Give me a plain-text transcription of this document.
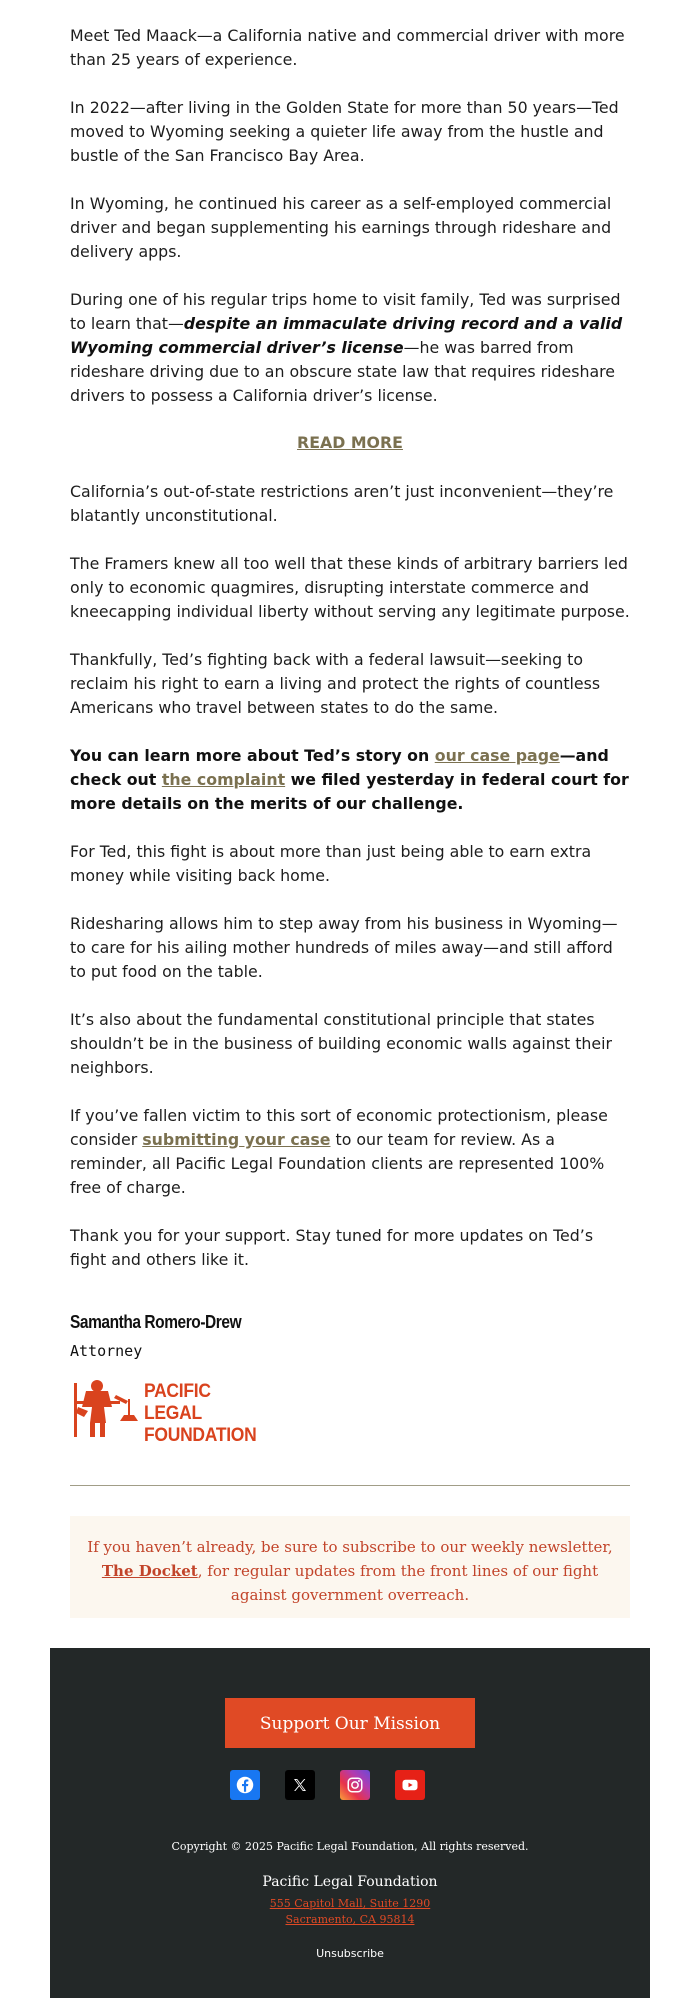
Meet Ted Maack—a California native and commercial driver with more than 25 years of experience.

In 2022—after living in the Golden State for more than 50 years—Ted moved to Wyoming seeking a quieter life away from the hustle and bustle of the San Francisco Bay Area.

In Wyoming, he continued his career as a self-employed commercial driver and began supplementing his earnings through rideshare and delivery apps.

During one of his regular trips home to visit family, Ted was surprised to learn that—despite an immaculate driving record and a valid Wyoming commercial driver’s license—he was barred from rideshare driving due to an obscure state law that requires rideshare drivers to possess a California driver’s license.

READ MORE

California’s out-of-state restrictions aren’t just inconvenient—they’re blatantly unconstitutional.

The Framers knew all too well that these kinds of arbitrary barriers led only to economic quagmires, disrupting interstate commerce and kneecapping individual liberty without serving any legitimate purpose.

Thankfully, Ted’s fighting back with a federal lawsuit—seeking to reclaim his right to earn a living and protect the rights of countless Americans who travel between states to do the same.

You can learn more about Ted’s story on our case page—and check out the complaint we filed yesterday in federal court for more details on the merits of our challenge.

For Ted, this fight is about more than just being able to earn extra money while visiting back home.

Ridesharing allows him to step away from his business in Wyoming—to care for his ailing mother hundreds of miles away—and still afford to put food on the table.

It’s also about the fundamental constitutional principle that states shouldn’t be in the business of building economic walls against their neighbors.

If you’ve fallen victim to this sort of economic protectionism, please consider submitting your case to our team for review. As a reminder, all Pacific Legal Foundation clients are represented 100% free of charge.

Thank you for your support. Stay tuned for more updates on Ted’s fight and others like it.

Samantha Romero-Drew
Attorney
PACIFIC LEGAL
FOUNDATION
If you haven’t already, be sure to subscribe to our weekly newsletter, The Docket, for regular updates from the front lines of our fight against government overreach.
Support Our Mission
Copyright © 2025 Pacific Legal Foundation, All rights reserved.
Pacific Legal Foundation
555 Capitol Mall, Suite 1290
Sacramento, CA 95814
Unsubscribe
